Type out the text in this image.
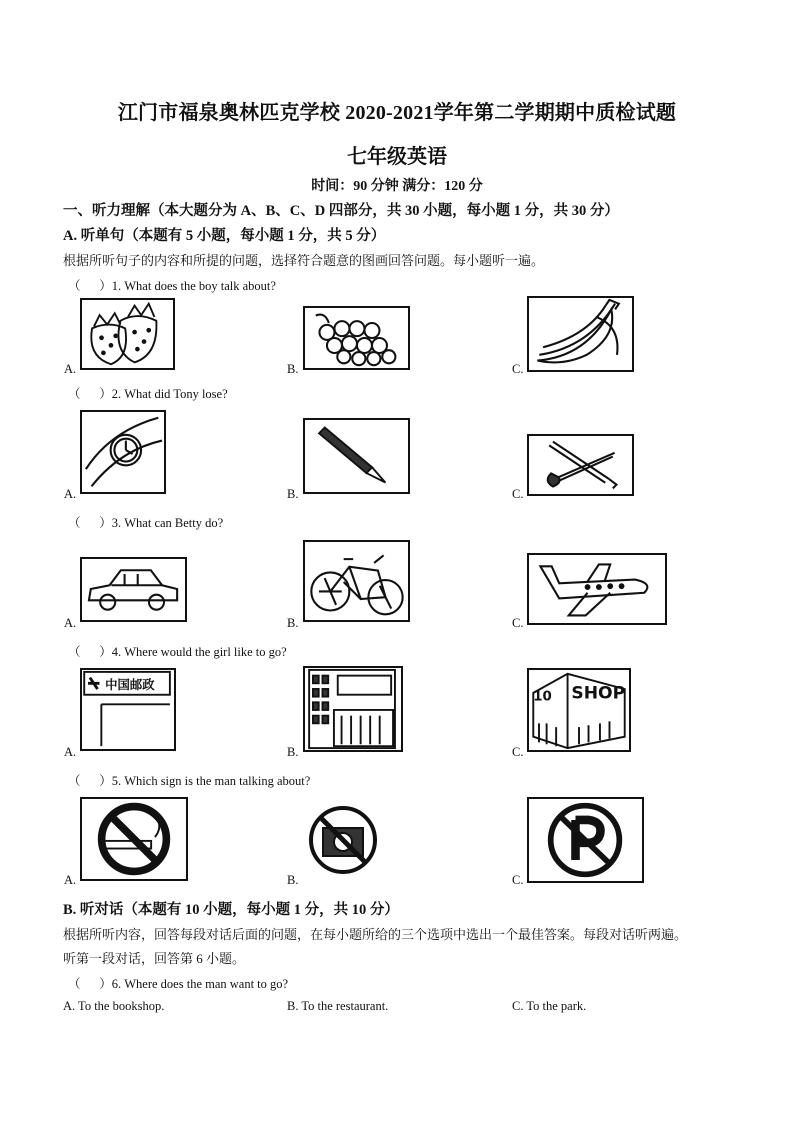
江门市福泉奥林匹克学校 2020-2021学年第二学期期中质检试题
七年级英语
时间：90 分钟 满分：120 分
一、听力理解（本大题分为 A、B、C、D 四部分，共 30 小题，每小题 1 分，共 30 分）
A. 听单句（本题有 5 小题，每小题 1 分，共 5 分）
根据所听句子的内容和所提的问题，选择符合题意的图画回答问题。每小题听一遍。
（      ）1. What does the boy talk about?
A.	B.	C.
（      ）2. What did Tony lose?
A.	B.	C.
（      ）3. What can Betty do?
A.	B.	C.
（      ）4. Where would the girl like to go?
中国邮政
A.	B.
10 SHOP
C.
（      ）5. Which sign is the man talking about?
A.	B.	C.
B. 听对话（本题有 10 小题，每小题 1 分，共 10 分）
根据所听内容，回答每段对话后面的问题，在每小题所给的三个选项中选出一个最佳答案。每段对话听两遍。
听第一段对话，回答第 6 小题。
（      ）6. Where does the man want to go?
A. To the bookshop.	B. To the restaurant.	C. To the park.
